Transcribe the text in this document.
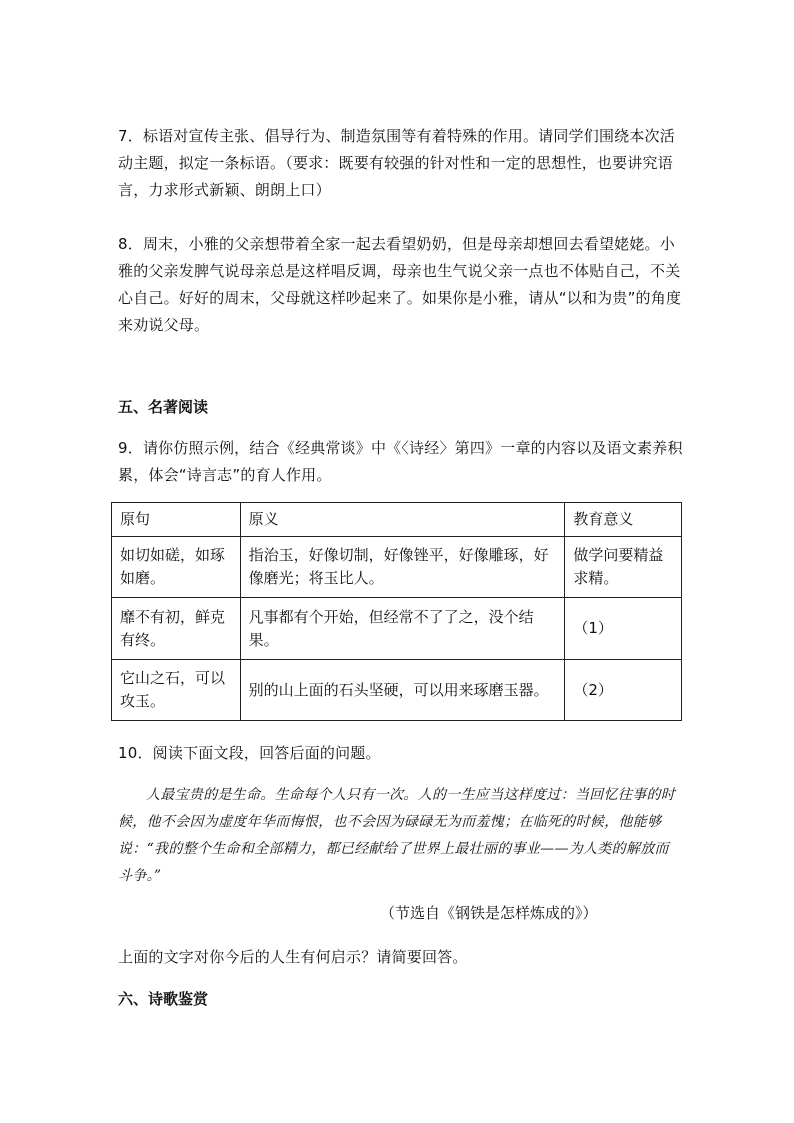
7．标语对宣传主张、倡导行为、制造氛围等有着特殊的作用。请同学们围绕本次活动主题，拟定一条标语。（要求：既要有较强的针对性和一定的思想性，也要讲究语言，力求形式新颖、朗朗上口）

8．周末，小雅的父亲想带着全家一起去看望奶奶，但是母亲却想回去看望姥姥。小雅的父亲发脾气说母亲总是这样唱反调，母亲也生气说父亲一点也不体贴自己，不关心自己。好好的周末，父母就这样吵起来了。如果你是小雅，请从“以和为贵”的角度来劝说父母。

五、名著阅读

9．请你仿照示例，结合《经典常谈》中《〈诗经〉第四》一章的内容以及语文素养积累，体会“诗言志”的育人作用。

原句	原义	教育意义
如切如磋，如琢如磨。	指治玉，好像切制，好像锉平，好像雕琢，好像磨光；将玉比人。	做学问要精益求精。
靡不有初，鲜克有终。	凡事都有个开始，但经常不了了之，没个结果。	（1）
它山之石，可以攻玉。	别的山上面的石头坚硬，可以用来琢磨玉器。	（2）

10．阅读下面文段，回答后面的问题。

人最宝贵的是生命。生命每个人只有一次。人的一生应当这样度过：当回忆往事的时候，他不会因为虚度年华而悔恨，也不会因为碌碌无为而羞愧；在临死的时候，他能够说：“我的整个生命和全部精力，都已经献给了世界上最壮丽的事业——为人类的解放而斗争。”

（节选自《钢铁是怎样炼成的》）

上面的文字对你今后的人生有何启示？请简要回答。

六、诗歌鉴赏
